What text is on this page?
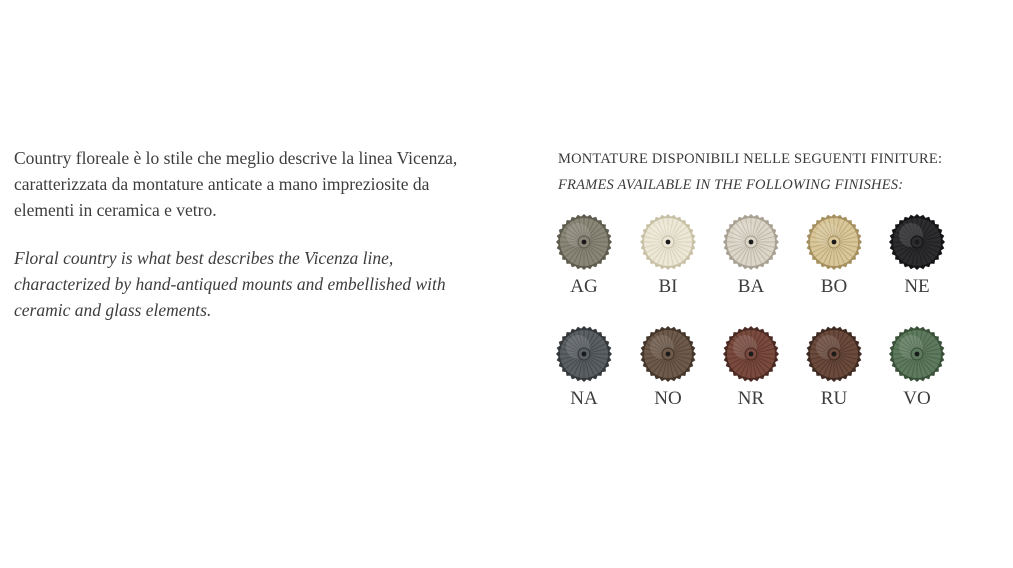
Country floreale è lo stile che meglio descrive la linea Vicenza,
caratterizzata da montature anticate a mano impreziosite da
elementi in ceramica e vetro.

Floral country is what best describes the Vicenza line,
characterized by hand-antiqued mounts and embellished with
ceramic and glass elements.

MONTATURE DISPONIBILI NELLE SEGUENTI FINITURE:
FRAMES AVAILABLE IN THE FOLLOWING FINISHES:
AG	BI	BA	BO	NE
NA	NO	NR	RU	VO
